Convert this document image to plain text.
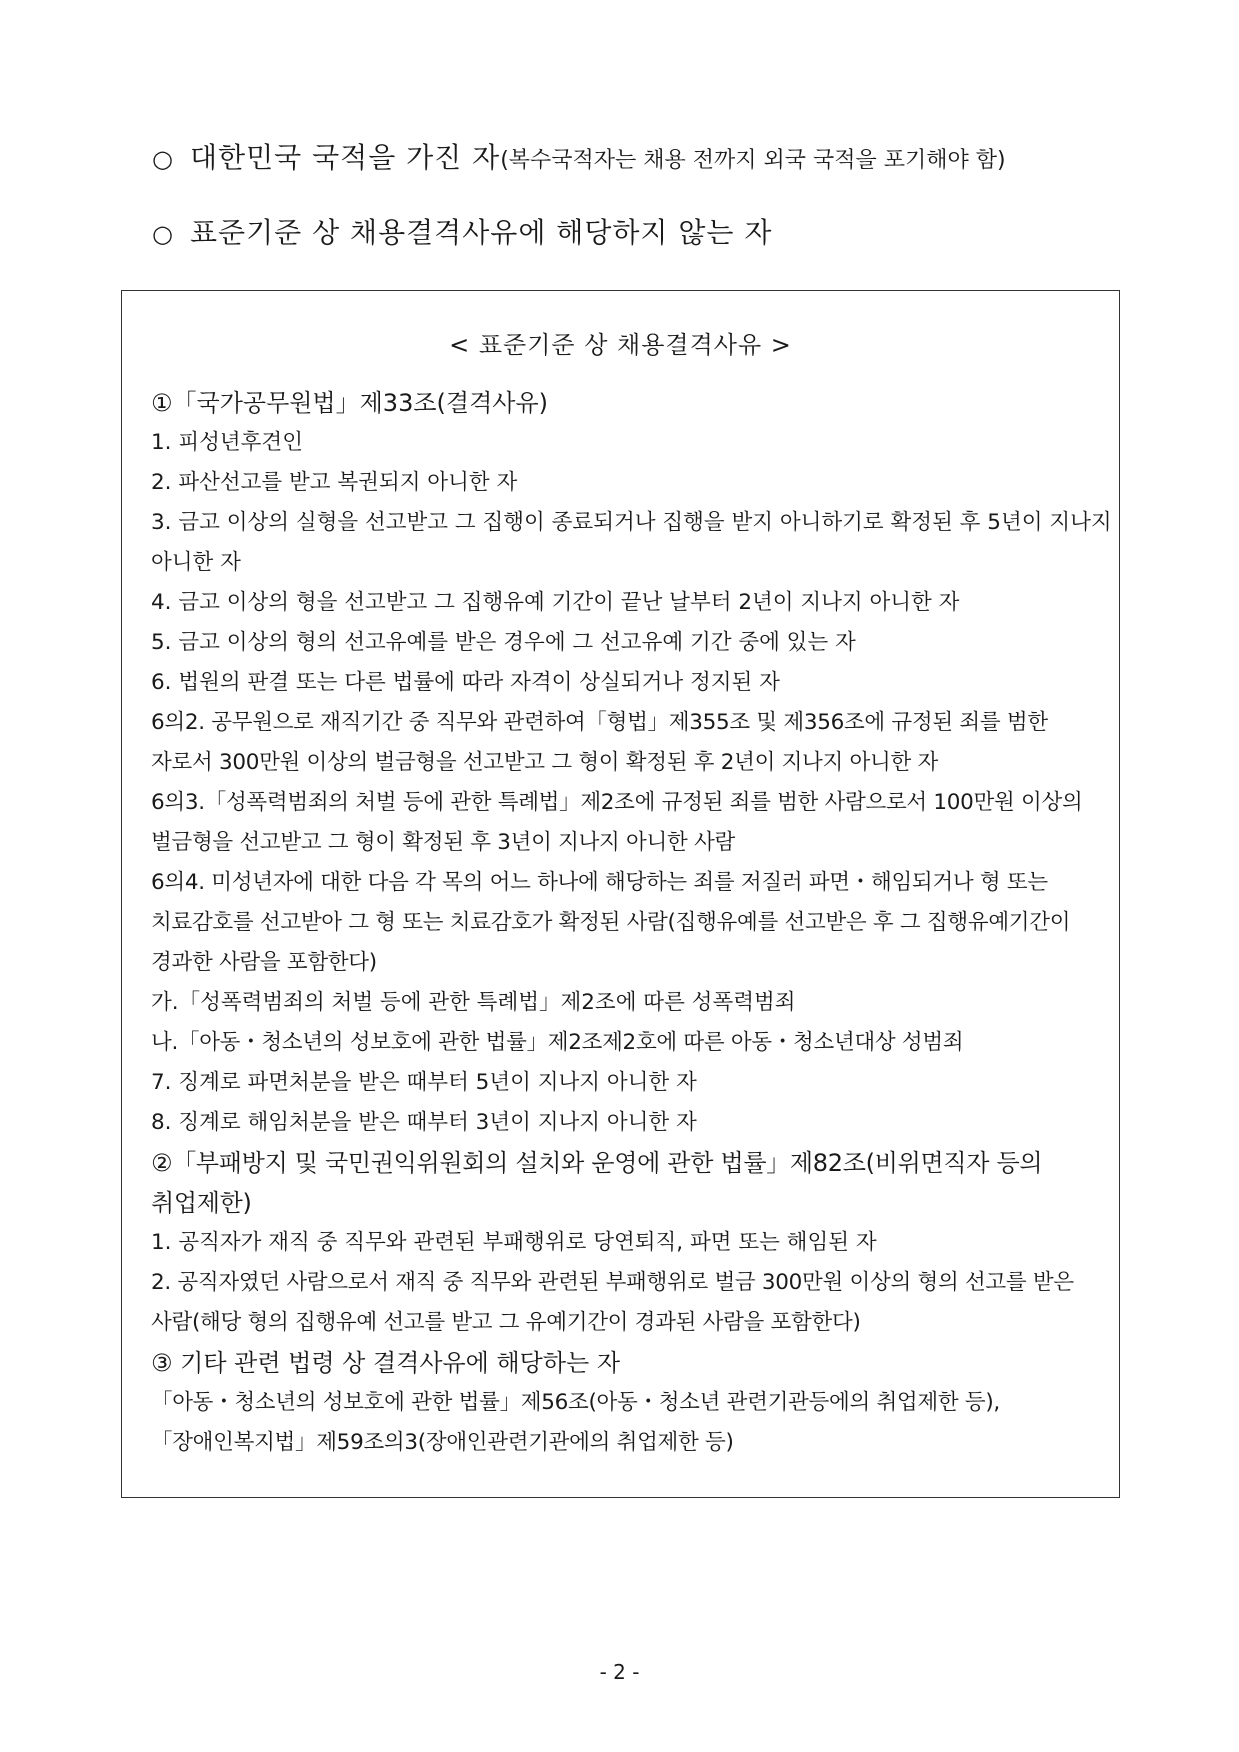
○ 대한민국 국적을 가진 자(복수국적자는 채용 전까지 외국 국적을 포기해야 함)
○ 표준기준 상 채용결격사유에 해당하지 않는 자
< 표준기준 상 채용결격사유 >

①「국가공무원법」제33조(결격사유)

1. 피성년후견인

2. 파산선고를 받고 복권되지 아니한 자

3. 금고 이상의 실형을 선고받고 그 집행이 종료되거나 집행을 받지 아니하기로 확정된 후 5년이 지나지 아니한 자

4. 금고 이상의 형을 선고받고 그 집행유예 기간이 끝난 날부터 2년이 지나지 아니한 자

5. 금고 이상의 형의 선고유예를 받은 경우에 그 선고유예 기간 중에 있는 자

6. 법원의 판결 또는 다른 법률에 따라 자격이 상실되거나 정지된 자

6의2. 공무원으로 재직기간 중 직무와 관련하여「형법」제355조 및 제356조에 규정된 죄를 범한 자로서 300만원 이상의 벌금형을 선고받고 그 형이 확정된 후 2년이 지나지 아니한 자

6의3.「성폭력범죄의 처벌 등에 관한 특례법」제2조에 규정된 죄를 범한 사람으로서 100만원 이상의 벌금형을 선고받고 그 형이 확정된 후 3년이 지나지 아니한 사람

6의4. 미성년자에 대한 다음 각 목의 어느 하나에 해당하는 죄를 저질러 파면・해임되거나 형 또는 치료감호를 선고받아 그 형 또는 치료감호가 확정된 사람(집행유예를 선고받은 후 그 집행유예기간이 경과한 사람을 포함한다)

가.「성폭력범죄의 처벌 등에 관한 특례법」제2조에 따른 성폭력범죄

나.「아동・청소년의 성보호에 관한 법률」제2조제2호에 따른 아동・청소년대상 성범죄

7. 징계로 파면처분을 받은 때부터 5년이 지나지 아니한 자

8. 징계로 해임처분을 받은 때부터 3년이 지나지 아니한 자

②「부패방지 및 국민권익위원회의 설치와 운영에 관한 법률」제82조(비위면직자 등의 취업제한)

1. 공직자가 재직 중 직무와 관련된 부패행위로 당연퇴직, 파면 또는 해임된 자

2. 공직자였던 사람으로서 재직 중 직무와 관련된 부패행위로 벌금 300만원 이상의 형의 선고를 받은 사람(해당 형의 집행유예 선고를 받고 그 유예기간이 경과된 사람을 포함한다)

③ 기타 관련 법령 상 결격사유에 해당하는 자

「아동・청소년의 성보호에 관한 법률」제56조(아동・청소년 관련기관등에의 취업제한 등), 「장애인복지법」제59조의3(장애인관련기관에의 취업제한 등)

- 2 -
